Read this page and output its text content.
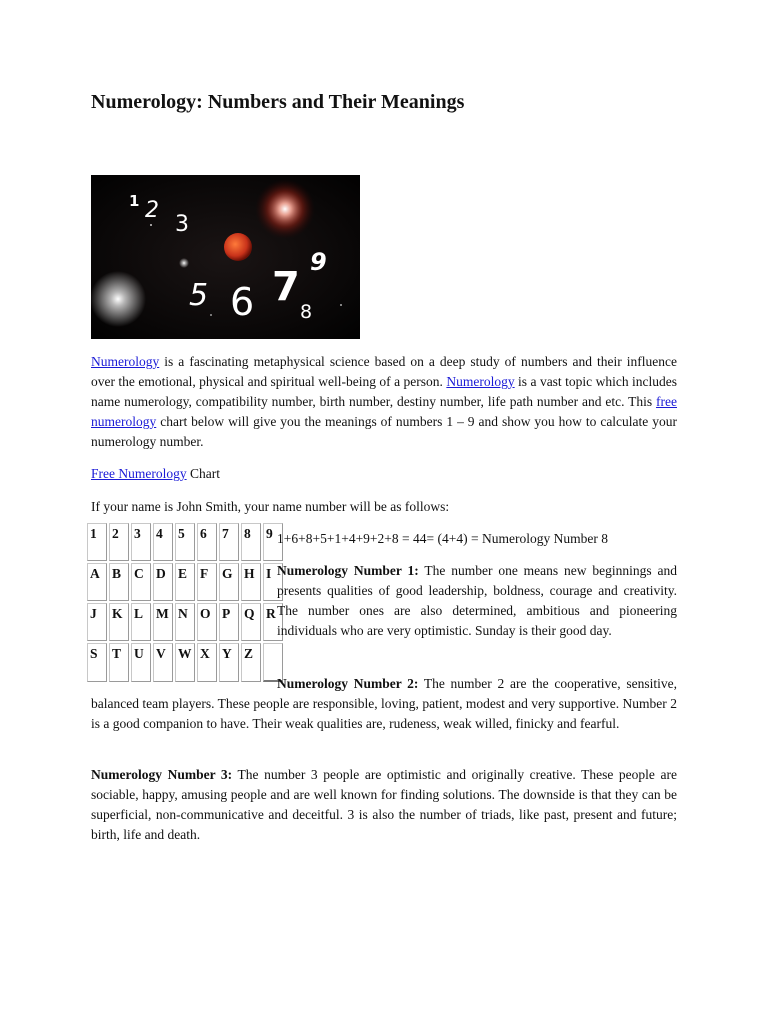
Numerology: Numbers and Their Meanings
1 2
3
5 6 7
8
9

Numerology is a fascinating metaphysical science based on a deep study of numbers and their influence over the emotional, physical and spiritual well-being of a person. Numerology is a vast topic which includes name numerology, compatibility number, birth number, destiny number, life path number and etc. This free numerology chart below will give you the meanings of numbers 1 – 9 and show you how to calculate your numerology number.

Free Numerology Chart

If your name is John Smith, your name number will be as follows:

1	2	3	4	5	6	7	8	9
A	B	C	D	E	F	G	H	I
J	K	L	M	N	O	P	Q	R
S	T	U	V	W	X	Y	Z	

1+6+8+5+1+4+9+2+8 = 44= (4+4) = Numerology Number 8

Numerology Number 1: The number one means new beginnings and presents qualities of good leadership, boldness, courage and creativity. The number ones are also determined, ambitious and pioneering individuals who are very optimistic. Sunday is their good day.

Numerology Number 2: The number 2 are the cooperative, sensitive, balanced team players. These people are responsible, loving, patient, modest and very supportive. Number 2 is a good companion to have. Their weak qualities are, rudeness, weak willed, finicky and fearful.

Numerology Number 3: The number 3 people are optimistic and originally creative. These people are sociable, happy, amusing people and are well known for finding solutions. The downside is that they can be superficial, non-communicative and deceitful. 3 is also the number of triads, like past, present and future; birth, life and death.
